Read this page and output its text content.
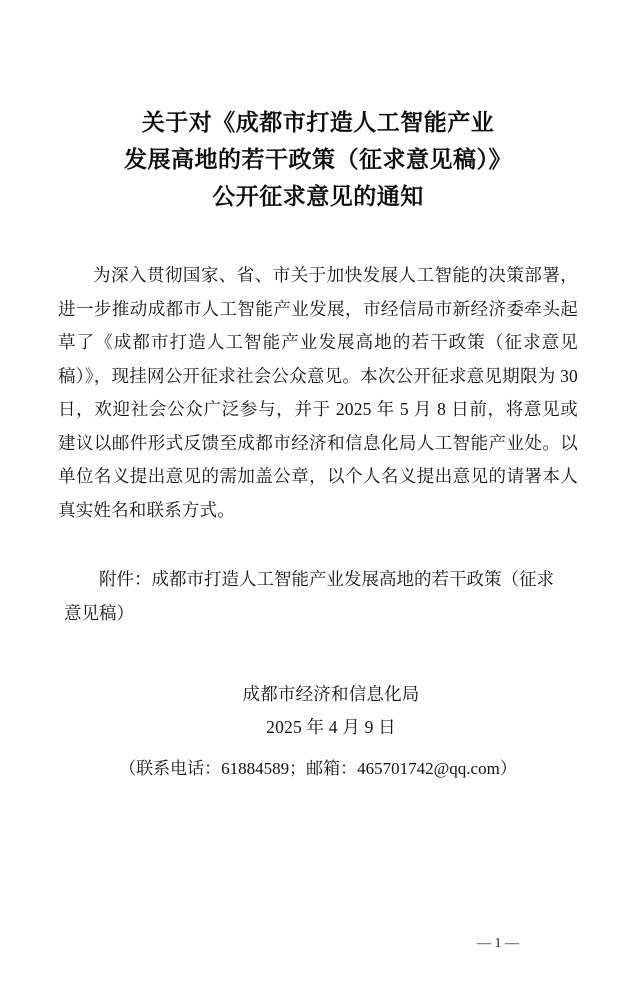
关于对《成都市打造人工智能产业
发展高地的若干政策（征求意见稿）》
公开征求意见的通知

为深入贯彻国家、省、市关于加快发展人工智能的决策部署，进一步推动成都市人工智能产业发展，市经信局市新经济委牵头起草了《成都市打造人工智能产业发展高地的若干政策（征求意见稿）》，现挂网公开征求社会公众意见。本次公开征求意见期限为 30 日，欢迎社会公众广泛参与，并于 2025 年 5 月 8 日前，将意见或建议以邮件形式反馈至成都市经济和信息化局人工智能产业处。以单位名义提出意见的需加盖公章，以个人名义提出意见的请署本人真实姓名和联系方式。

附件：成都市打造人工智能产业发展高地的若干政策（征求意见稿）

成都市经济和信息化局
2025 年 4 月 9 日
（联系电话：61884589；邮箱：465701742@qq.com）
— 1 —
